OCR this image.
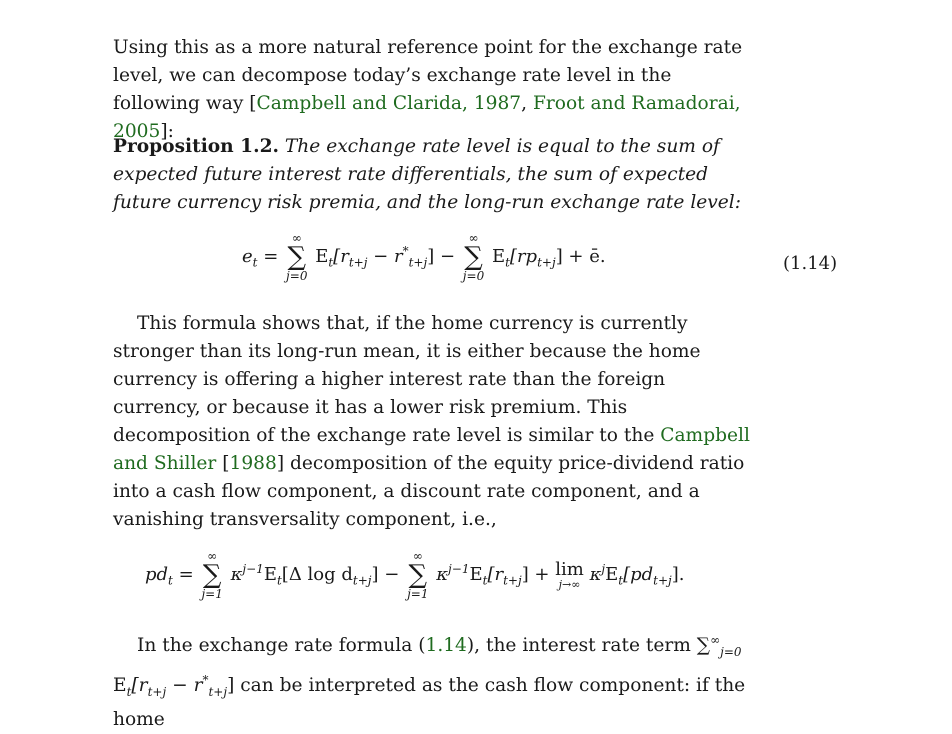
Using this as a more natural reference point for the exchange rate level, we can decompose today’s exchange rate level in the following way [Campbell and Clarida, 1987, Froot and Ramadorai, 2005]:

Proposition 1.2. The exchange rate level is equal to the sum of expected future interest rate differentials, the sum of expected future currency risk premia, and the long-run exchange rate level:

$e_t$ =
∞
∑
j=0
$E_t[r_{t+j} - r^*_{t+j}]$ −
∞
∑
j=0
$E_t[rp_{t+j}]$ + ē.	(1.14)

This formula shows that, if the home currency is currently stronger than its long-run mean, it is either because the home currency is offering a higher interest rate than the foreign currency, or because it has a lower risk premium. This decomposition of the exchange rate level is similar to the Campbell and Shiller [1988] decomposition of the equity price-dividend ratio into a cash flow component, a discount rate component, and a vanishing transversality component, i.e.,

$pd_t$ =
∞
∑
j=1
$\kappa^{j-1}E_t[\Delta$ $\log d_{t+j}$] −
∞
∑
j=1
$\kappa^{j-1}E_t[r_{t+j}] + \lim$
j→∞ $\kappa^jE_t[pd_{t+j}]$.

In the exchange rate formula (1.14), the interest rate term $\sum^\infty_{j=0}$ $E_t[r_{t+j} - r^*_{t+j}]$ can be interpreted as the cash flow component: if the home
